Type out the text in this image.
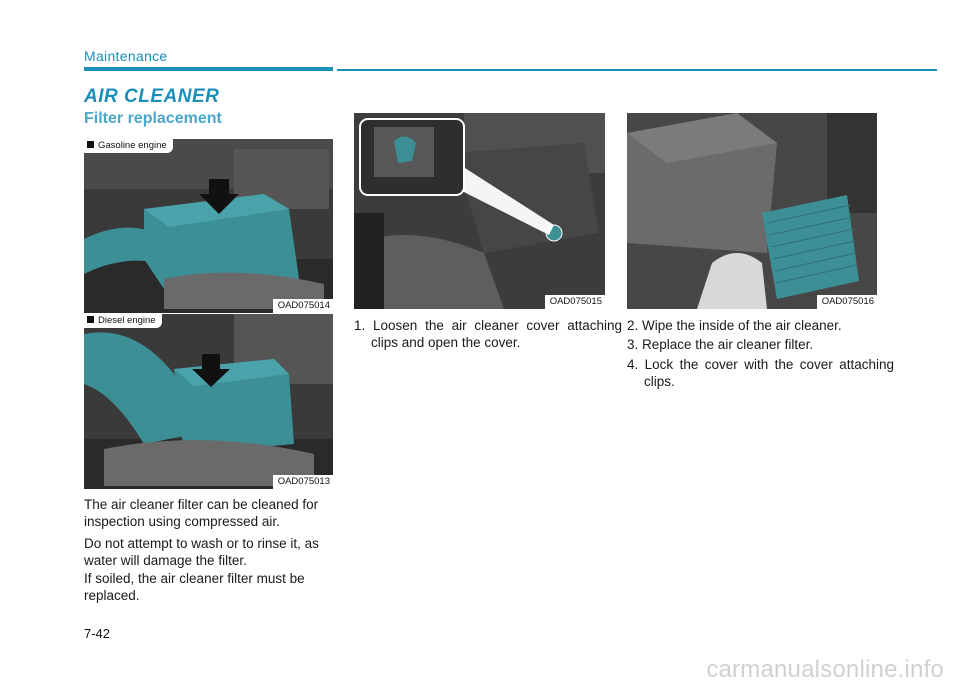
Maintenance
AIR CLEANER
Filter replacement
Gasoline engine
OAD075014
Diesel engine
OAD075013
OAD075015	OAD075016

The air cleaner filter can be cleaned for inspection using compressed air.

Do not attempt to wash or to rinse it, as water will damage the filter.

If soiled, the air cleaner filter must be replaced.

1. Loosen the air cleaner cover attaching clips and open the cover.

2. Wipe the inside of the air cleaner.

3. Replace the air cleaner filter.

4. Lock the cover with the cover attaching clips.

7-42
carmanualsonline.info
